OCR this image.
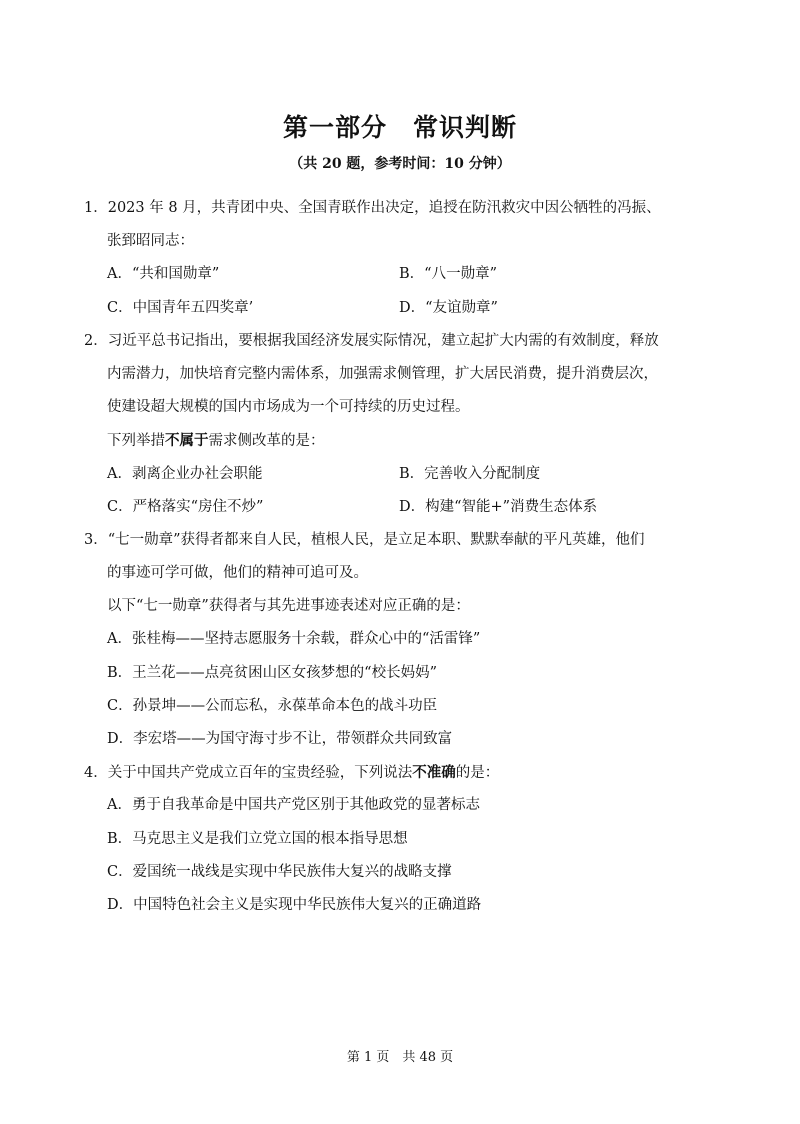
第一部分　常识判断
（共 20 题，参考时间：10 分钟）
1．2023 年 8 月，共青团中央、全国青联作出决定，追授在防汛救灾中因公牺牲的冯振、
张郅昭同志：
A．“共和国勋章”	B．“八一勋章”
C．中国青年五四奖章’	D．“友谊勋章”
2．习近平总书记指出，要根据我国经济发展实际情况，建立起扩大内需的有效制度，释放
内需潜力，加快培育完整内需体系，加强需求侧管理，扩大居民消费，提升消费层次，
使建设超大规模的国内市场成为一个可持续的历史过程。
下列举措不属于需求侧改革的是：
A．剥离企业办社会职能	B．完善收入分配制度
C．严格落实“房住不炒”	D．构建“智能+”消费生态体系
3．“七一勋章”获得者都来自人民，植根人民，是立足本职、默默奉献的平凡英雄，他们
的事迹可学可做，他们的精神可追可及。
以下“七一勋章”获得者与其先进事迹表述对应正确的是：
A．张桂梅——坚持志愿服务十余载，群众心中的“活雷锋”
B．王兰花——点亮贫困山区女孩梦想的“校长妈妈”
C．孙景坤——公而忘私，永葆革命本色的战斗功臣
D．李宏塔——为国守海寸步不让，带领群众共同致富
4．关于中国共产党成立百年的宝贵经验，下列说法不准确的是：
A．勇于自我革命是中国共产党区别于其他政党的显著标志
B．马克思主义是我们立党立国的根本指导思想
C．爱国统一战线是实现中华民族伟大复兴的战略支撑
D．中国特色社会主义是实现中华民族伟大复兴的正确道路
第 1 页　共 48 页
